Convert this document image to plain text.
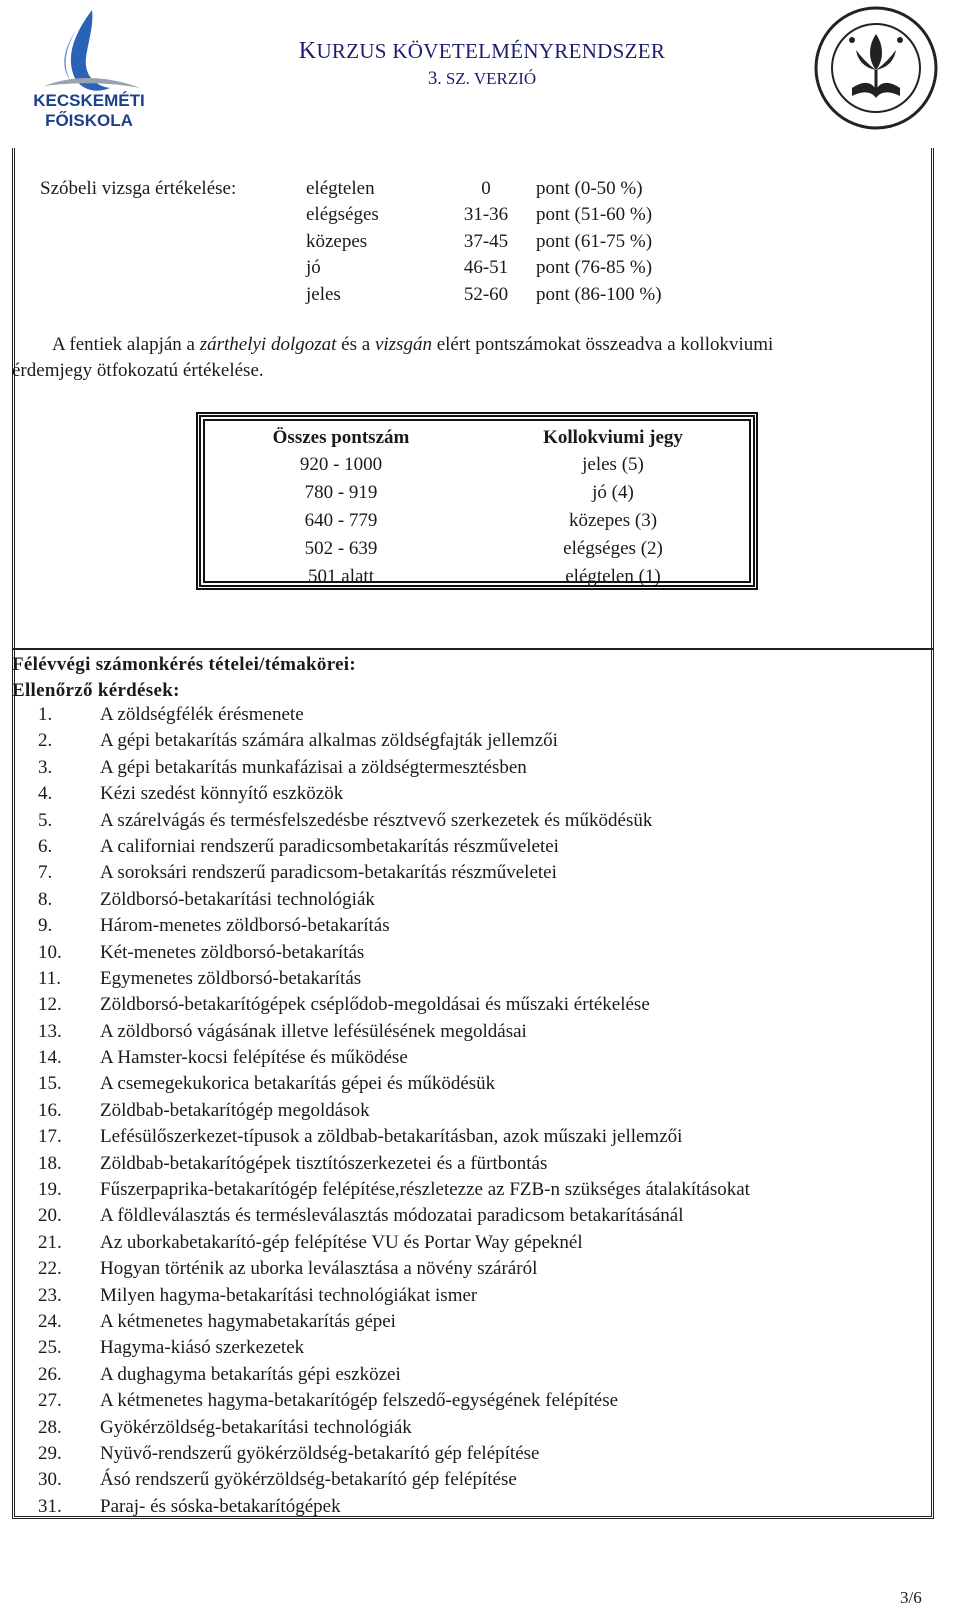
KECSKEMÉTI
FŐISKOLA
KURZUS KÖVETELMÉNYRENDSZER
3. SZ. VERZIÓ
Szóbeli vizsga értékelése:	elégtelen	0	pont (0-50 %)
elégséges	31-36	pont (51-60 %)
közepes	37-45	pont (61-75 %)
jó	46-51	pont (76-85 %)
jeles	52-60	pont (86-100 %)
A fentiek alapján a zárthelyi dolgozat és a vizsgán elért pontszámokat összeadva a kollokviumi
érdemjegy ötfokozatú értékelése.
Összes pontszám	Kollokviumi jegy
920 - 1000	jeles (5)
780 - 919	jó (4)
640 - 779	közepes (3)
502 - 639	elégséges (2)
501 alatt	elégtelen (1)
Félévvégi számonkérés tételei/témakörei:
Ellenőrző kérdések:
1.	A zöldségfélék érésmenete
2.	A gépi betakarítás számára alkalmas zöldségfajták jellemzői
3.	A gépi betakarítás munkafázisai a zöldségtermesztésben
4.	Kézi szedést könnyítő eszközök
5.	A szárelvágás és termésfelszedésbe résztvevő szerkezetek és működésük
6.	A californiai rendszerű paradicsombetakarítás részműveletei
7.	A soroksári rendszerű paradicsom-betakarítás részműveletei
8.	Zöldborsó-betakarítási technológiák
9.	Három-menetes zöldborsó-betakarítás
10.	Két-menetes zöldborsó-betakarítás
11.	Egymenetes zöldborsó-betakarítás
12.	Zöldborsó-betakarítógépek cséplődob-megoldásai és műszaki értékelése
13.	A zöldborsó vágásának illetve lefésülésének megoldásai
14.	A Hamster-kocsi felépítése és működése
15.	A csemegekukorica betakarítás gépei és működésük
16.	Zöldbab-betakarítógép megoldások
17.	Lefésülőszerkezet-típusok a zöldbab-betakarításban, azok műszaki jellemzői
18.	Zöldbab-betakarítógépek tisztítószerkezetei és a fürtbontás
19.	Fűszerpaprika-betakarítógép felépítése,részletezze az FZB-n szükséges átalakításokat
20.	A földleválasztás és termésleválasztás módozatai paradicsom betakarításánál
21.	Az uborkabetakarító-gép felépítése VU és Portar Way gépeknél
22.	Hogyan történik az uborka leválasztása a növény száráról
23.	Milyen hagyma-betakarítási technológiákat ismer
24.	A kétmenetes hagymabetakarítás gépei
25.	Hagyma-kiásó szerkezetek
26.	A dughagyma betakarítás gépi eszközei
27.	A kétmenetes hagyma-betakarítógép felszedő-egységének felépítése
28.	Gyökérzöldség-betakarítási technológiák
29.	Nyüvő-rendszerű gyökérzöldség-betakarító gép felépítése
30.	Ásó rendszerű gyökérzöldség-betakarító gép felépítése
31.	Paraj- és sóska-betakarítógépek
3/6
